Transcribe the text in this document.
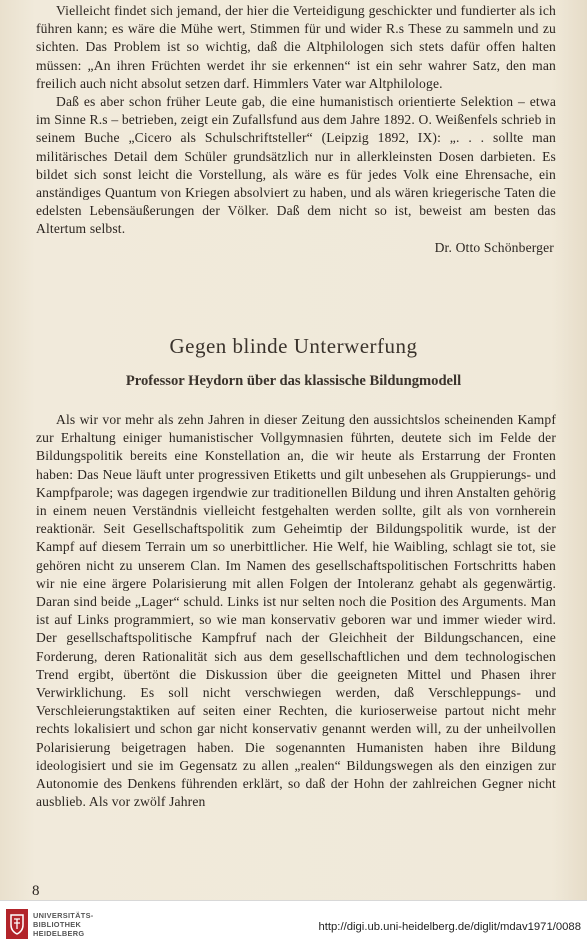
Vielleicht findet sich jemand, der hier die Verteidigung geschickter und fundierter als ich führen kann; es wäre die Mühe wert, Stimmen für und wider R.s These zu sammeln und zu sichten. Das Problem ist so wichtig, daß die Altphilologen sich stets dafür offen halten müssen: „An ihren Früchten werdet ihr sie erkennen“ ist ein sehr wahrer Satz, den man freilich auch nicht absolut setzen darf. Himmlers Vater war Altphilologe.

Daß es aber schon früher Leute gab, die eine humanistisch orientierte Selektion – etwa im Sinne R.s – betrieben, zeigt ein Zufallsfund aus dem Jahre 1892. O. Weißenfels schrieb in seinem Buche „Cicero als Schulschriftsteller“ (Leipzig 1892, IX): „. . . sollte man militärisches Detail dem Schüler grundsätzlich nur in allerkleinsten Dosen darbieten. Es bildet sich sonst leicht die Vorstellung, als wäre es für jedes Volk eine Ehrensache, ein anständiges Quantum von Kriegen absolviert zu haben, und als wären kriegerische Taten die edelsten Lebensäußerungen der Völker. Daß dem nicht so ist, beweist am besten das Altertum selbst.

Dr. Otto Schönberger

Gegen blinde Unterwerfung
Professor Heydorn über das klassische Bildungmodell

Als wir vor mehr als zehn Jahren in dieser Zeitung den aussichtslos scheinenden Kampf zur Erhaltung einiger humanistischer Vollgymnasien führten, deutete sich im Felde der Bildungspolitik bereits eine Konstellation an, die wir heute als Erstarrung der Fronten haben: Das Neue läuft unter progressiven Etiketts und gilt unbesehen als Gruppierungs- und Kampfparole; was dagegen irgendwie zur traditionellen Bildung und ihren Anstalten gehörig in einem neuen Verständnis vielleicht festgehalten werden sollte, gilt als von vornherein reaktionär. Seit Gesellschaftspolitik zum Geheimtip der Bildungspolitik wurde, ist der Kampf auf diesem Terrain um so unerbittlicher. Hie Welf, hie Waibling, schlagt sie tot, sie gehören nicht zu unserem Clan. Im Namen des gesellschaftspolitischen Fortschritts haben wir nie eine ärgere Polarisierung mit allen Folgen der Intoleranz gehabt als gegenwärtig. Daran sind beide „Lager“ schuld. Links ist nur selten noch die Position des Arguments. Man ist auf Links programmiert, so wie man konservativ geboren war und immer wieder wird. Der gesellschaftspolitische Kampfruf nach der Gleichheit der Bildungschancen, eine Forderung, deren Rationalität sich aus dem gesellschaftlichen und dem technologischen Trend ergibt, übertönt die Diskussion über die geeigneten Mittel und Phasen ihrer Verwirklichung. Es soll nicht verschwiegen werden, daß Verschleppungs- und Verschleierungstaktiken auf seiten einer Rechten, die kurioserweise partout nicht mehr rechts lokalisiert und schon gar nicht konservativ genannt werden will, zu der unheilvollen Polarisierung beigetragen haben. Die sogenannten Humanisten haben ihre Bildung ideologisiert und sie im Gegensatz zu allen „realen“ Bildungswegen als den einzigen zur Autonomie des Denkens führenden erklärt, so daß der Hohn der zahlreichen Gegner nicht ausblieb. Als vor zwölf Jahren

8
UNIVERSITÄTS-
BIBLIOTHEK
HEIDELBERG	http://digi.ub.uni-heidelberg.de/diglit/mdav1971/0088
